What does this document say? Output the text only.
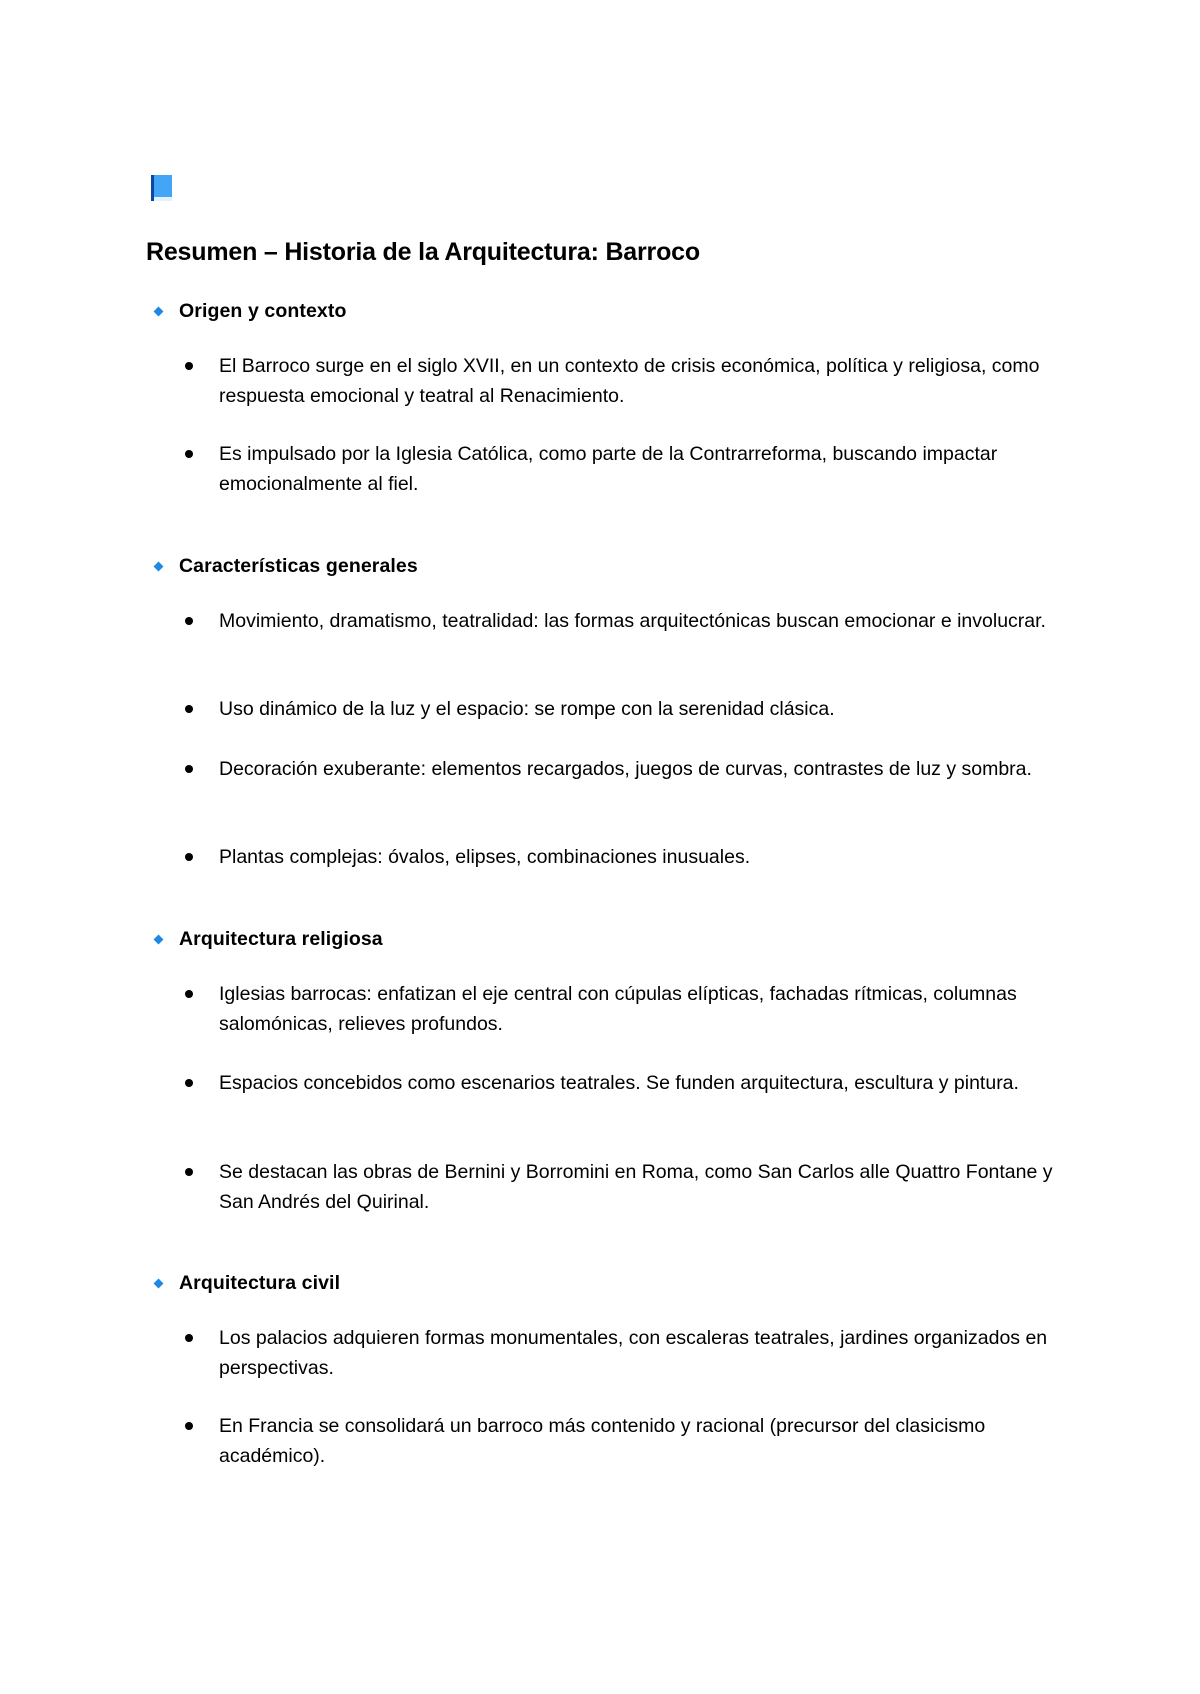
Resumen – Historia de la Arquitectura: Barroco
Origen y contexto

El Barroco surge en el siglo XVII, en un contexto de crisis económica, política y religiosa, como respuesta emocional y teatral al Renacimiento.

Es impulsado por la Iglesia Católica, como parte de la Contrarreforma, buscando impactar emocionalmente al fiel.

Características generales

Movimiento, dramatismo, teatralidad: las formas arquitectónicas buscan emocionar e involucrar.

Uso dinámico de la luz y el espacio: se rompe con la serenidad clásica.

Decoración exuberante: elementos recargados, juegos de curvas, contrastes de luz y sombra.

Plantas complejas: óvalos, elipses, combinaciones inusuales.

Arquitectura religiosa

Iglesias barrocas: enfatizan el eje central con cúpulas elípticas, fachadas rítmicas, columnas salomónicas, relieves profundos.

Espacios concebidos como escenarios teatrales. Se funden arquitectura, escultura y pintura.

Se destacan las obras de Bernini y Borromini en Roma, como San Carlos alle Quattro Fontane y San Andrés del Quirinal.

Arquitectura civil

Los palacios adquieren formas monumentales, con escaleras teatrales, jardines organizados en perspectivas.

En Francia se consolidará un barroco más contenido y racional (precursor del clasicismo académico).
